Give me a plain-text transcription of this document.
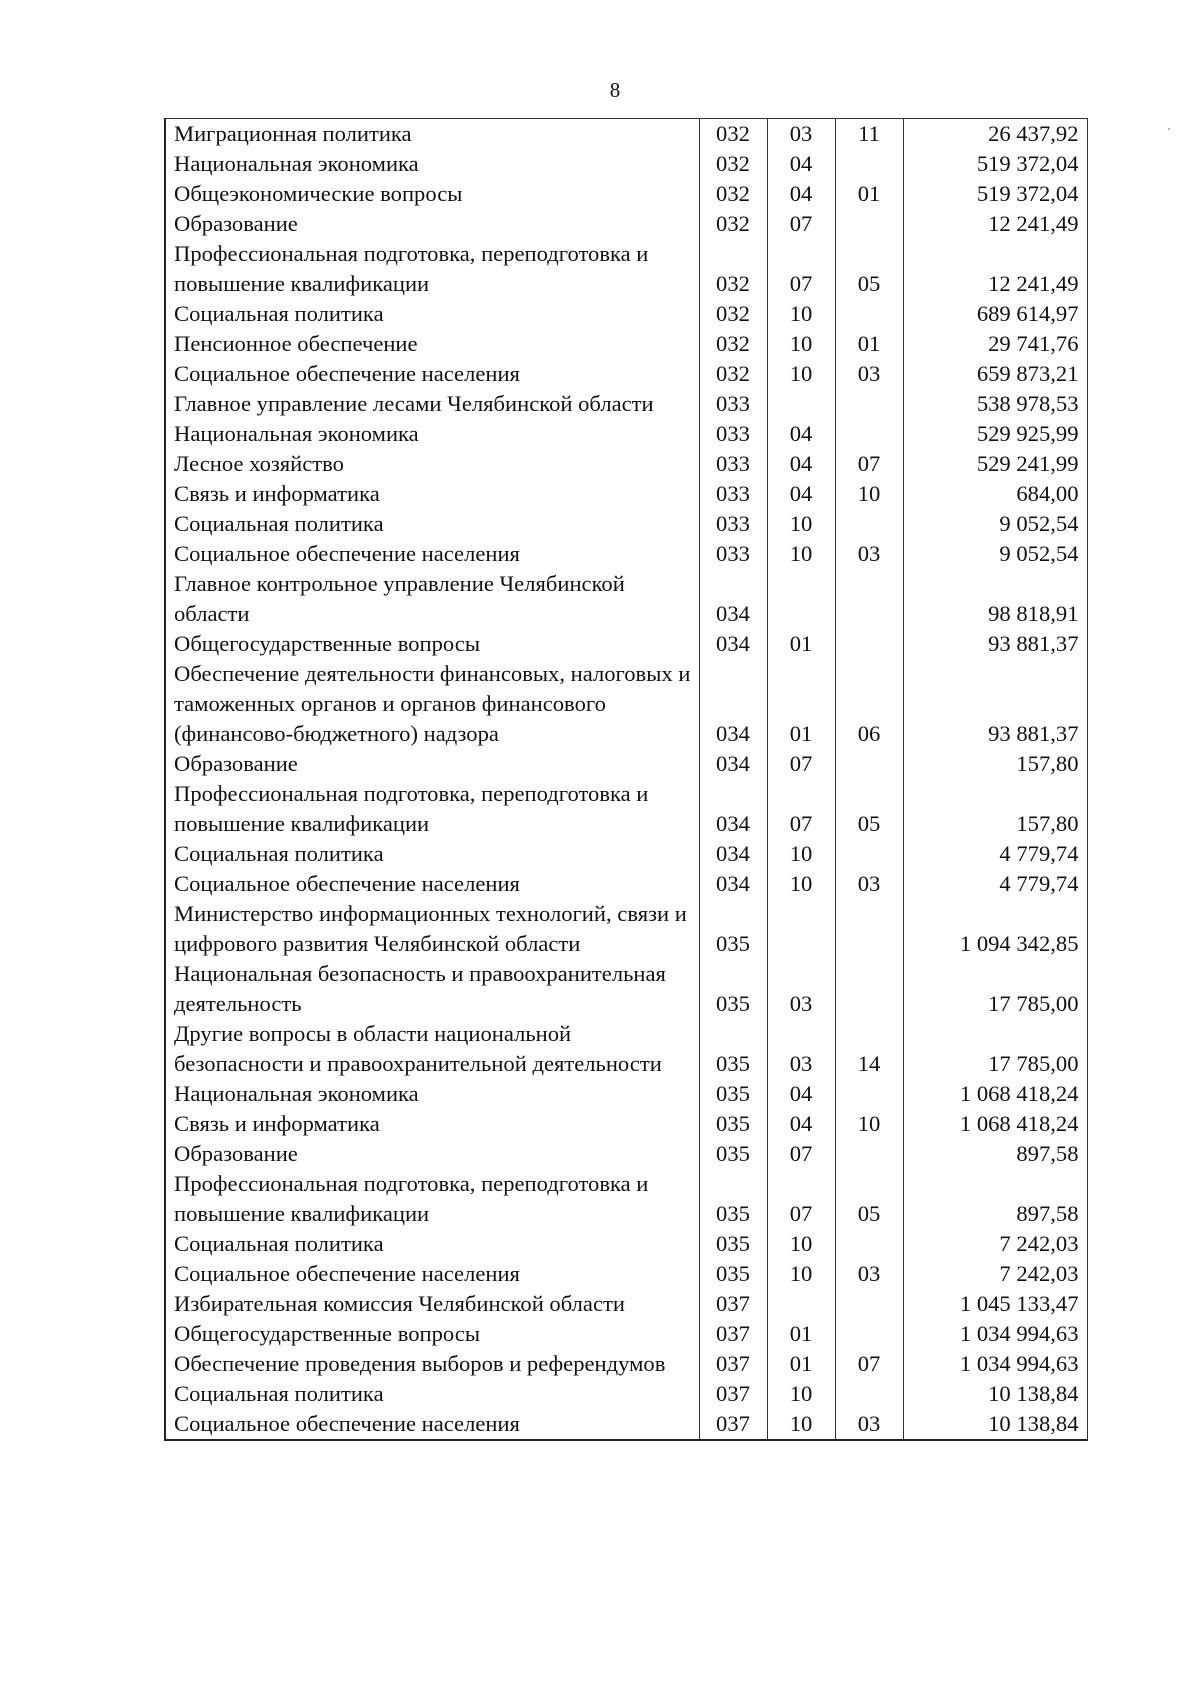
8
Миграционная политика	032	03	11	26 437,92
Национальная экономика	032	04		519 372,04
Общеэкономические вопросы	032	04	01	519 372,04
Образование	032	07		12 241,49
Профессиональная подготовка, переподготовка и повышение квалификации	032	07	05	12 241,49
Социальная политика	032	10		689 614,97
Пенсионное обеспечение	032	10	01	29 741,76
Социальное обеспечение населения	032	10	03	659 873,21
Главное управление лесами Челябинской области	033			538 978,53
Национальная экономика	033	04		529 925,99
Лесное хозяйство	033	04	07	529 241,99
Связь и информатика	033	04	10	684,00
Социальная политика	033	10		9 052,54
Социальное обеспечение населения	033	10	03	9 052,54
Главное контрольное управление Челябинской области	034			98 818,91
Общегосударственные вопросы	034	01		93 881,37
Обеспечение деятельности финансовых, налоговых и таможенных органов и органов финансового (финансово-бюджетного) надзора	034	01	06	93 881,37
Образование	034	07		157,80
Профессиональная подготовка, переподготовка и повышение квалификации	034	07	05	157,80
Социальная политика	034	10		4 779,74
Социальное обеспечение населения	034	10	03	4 779,74
Министерство информационных технологий, связи и цифрового развития Челябинской области	035			1 094 342,85
Национальная безопасность и правоохранительная деятельность	035	03		17 785,00
Другие вопросы в области национальной безопасности и правоохранительной деятельности	035	03	14	17 785,00
Национальная экономика	035	04		1 068 418,24
Связь и информатика	035	04	10	1 068 418,24
Образование	035	07		897,58
Профессиональная подготовка, переподготовка и повышение квалификации	035	07	05	897,58
Социальная политика	035	10		7 242,03
Социальное обеспечение населения	035	10	03	7 242,03
Избирательная комиссия Челябинской области	037			1 045 133,47
Общегосударственные вопросы	037	01		1 034 994,63
Обеспечение проведения выборов и референдумов	037	01	07	1 034 994,63
Социальная политика	037	10		10 138,84
Социальное обеспечение населения	037	10	03	10 138,84
